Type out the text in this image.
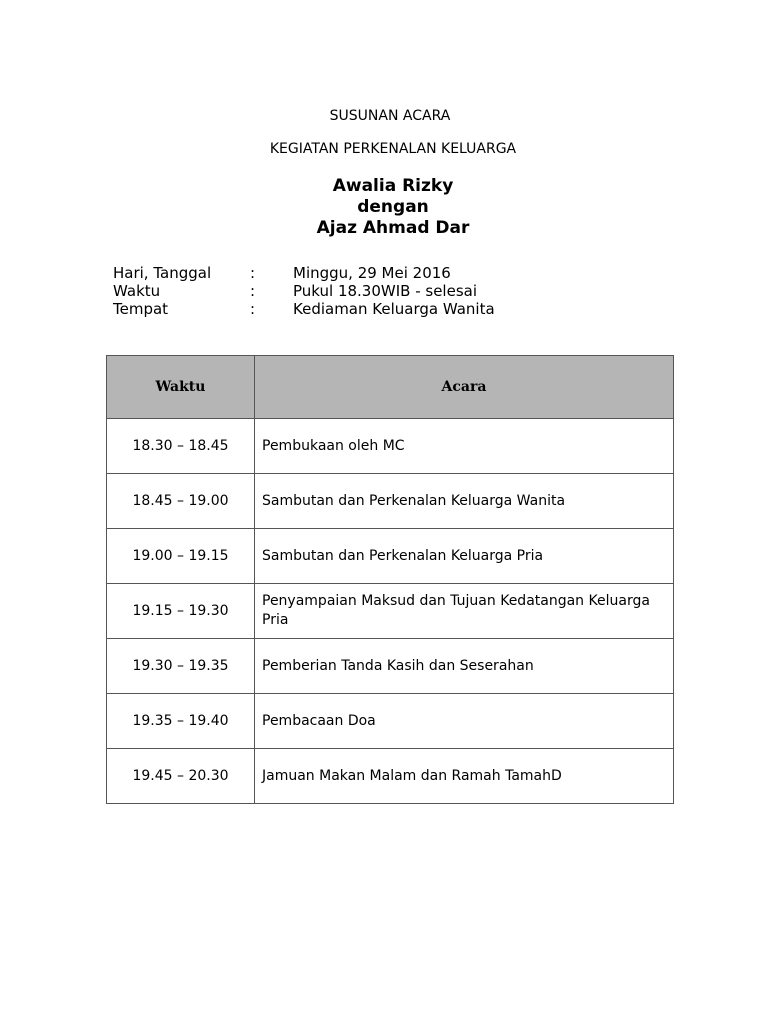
SUSUNAN ACARA
KEGIATAN PERKENALAN KELUARGA
Awalia Rizky
dengan
Ajaz Ahmad Dar
Hari, Tanggal	:	Minggu, 29 Mei 2016
Waktu	:	Pukul 18.30WIB - selesai
Tempat	:	Kediaman Keluarga Wanita
Waktu	Acara
18.30 – 18.45	Pembukaan oleh MC
18.45 – 19.00	Sambutan dan Perkenalan Keluarga Wanita
19.00 – 19.15	Sambutan dan Perkenalan Keluarga Pria
19.15 – 19.30	Penyampaian Maksud dan Tujuan Kedatangan Keluarga Pria
19.30 – 19.35	Pemberian Tanda Kasih dan Seserahan
19.35 – 19.40	Pembacaan Doa
19.45 – 20.30	Jamuan Makan Malam dan Ramah TamahD
